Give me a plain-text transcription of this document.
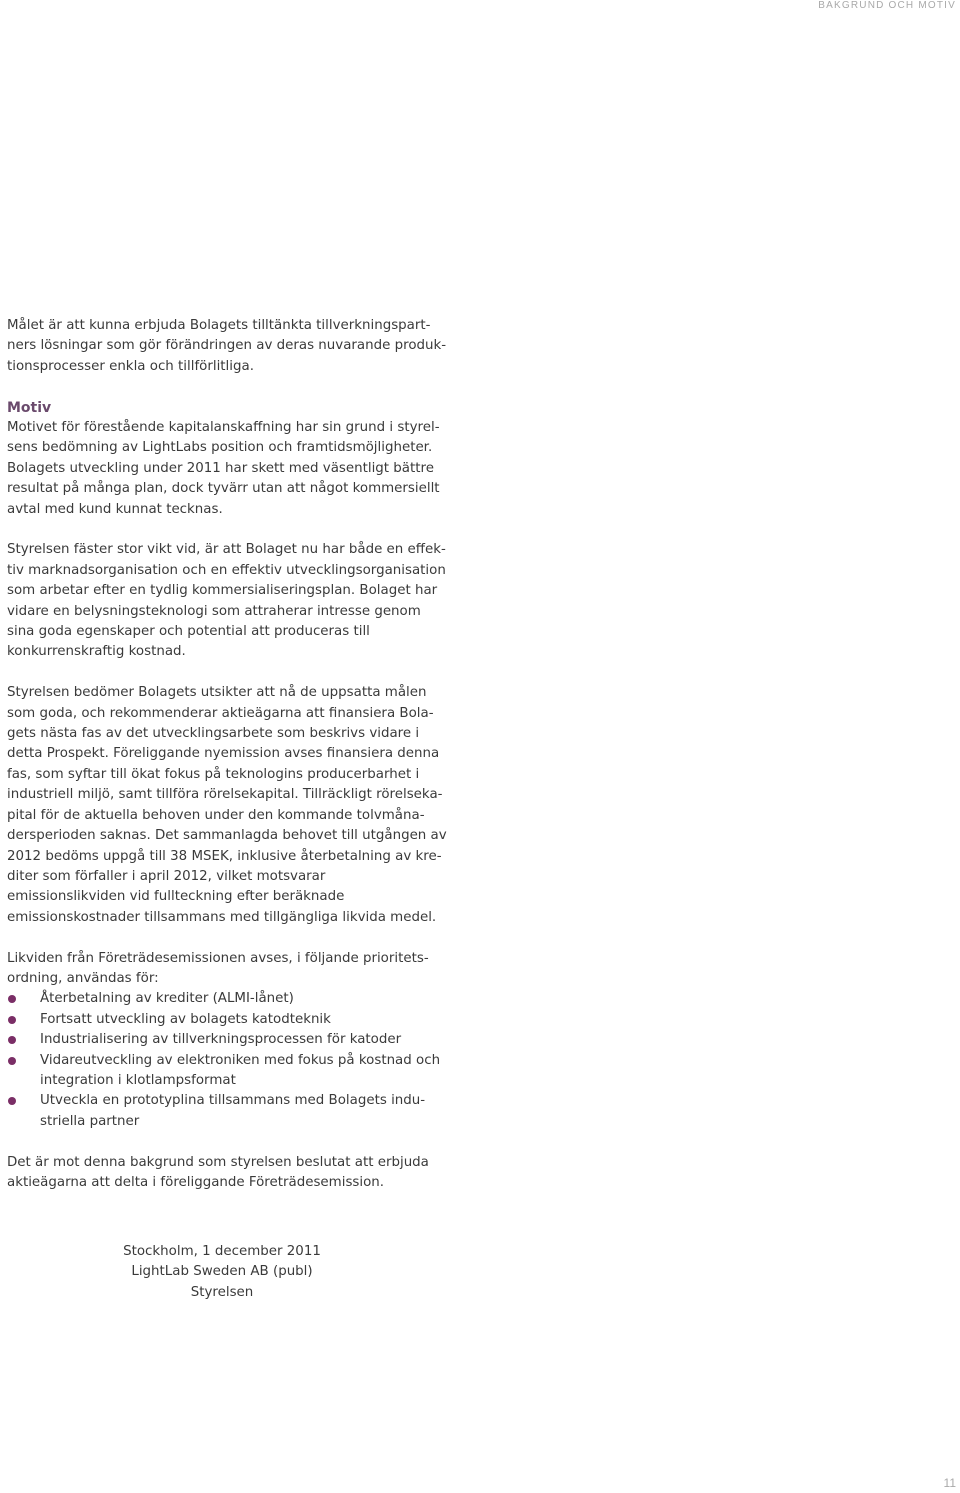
BAKGRUND OCH MOTIV

Målet är att kunna erbjuda Bolagets tilltänkta tillverkningspartners lösningar som gör förändringen av deras nuvarande produktionsprocesser enkla och tillförlitliga.

Motiv

Motivet för förestående kapitalanskaffning har sin grund i styrelsens bedömning av LightLabs position och framtidsmöjligheter. Bolagets utveckling under 2011 har skett med väsentligt bättre resultat på många plan, dock tyvärr utan att något kommersiellt avtal med kund kunnat tecknas.

Styrelsen fäster stor vikt vid, är att Bolaget nu har både en effektiv marknadsorganisation och en effektiv utvecklingsorganisation som arbetar efter en tydlig kommersialiseringsplan. Bolaget har vidare en belysningsteknologi som attraherar intresse genom sina goda egenskaper och potential att produceras till konkurrenskraftig kostnad.

Styrelsen bedömer Bolagets utsikter att nå de uppsatta målen som goda, och rekommenderar aktieägarna att finansiera Bolagets nästa fas av det utvecklingsarbete som beskrivs vidare i detta Prospekt. Föreliggande nyemission avses finansiera denna fas, som syftar till ökat fokus på teknologins producerbarhet i industriell miljö, samt tillföra rörelsekapital. Tillräckligt rörelsekapital för de aktuella behoven under den kommande tolvmånadersperioden saknas. Det sammanlagda behovet till utgången av 2012 bedöms uppgå till 38 MSEK, inklusive återbetalning av krediter som förfaller i april 2012, vilket motsvarar emissionslikviden vid fullteckning efter beräknade emissionskostnader tillsammans med tillgängliga likvida medel.

Likviden från Företrädesemissionen avses, i följande prioritetsordning, användas för:

Återbetalning av krediter (ALMI-lånet)
Fortsatt utveckling av bolagets katodteknik
Industrialisering av tillverkningsprocessen för katoder
Vidareutveckling av elektroniken med fokus på kostnad och integration i klotlampsformat
Utveckla en prototyplina tillsammans med Bolagets industriella partner

Det är mot denna bakgrund som styrelsen beslutat att erbjuda aktieägarna att delta i föreliggande Företrädesemission.

Stockholm, 1 december 2011
LightLab Sweden AB (publ)
Styrelsen
11
